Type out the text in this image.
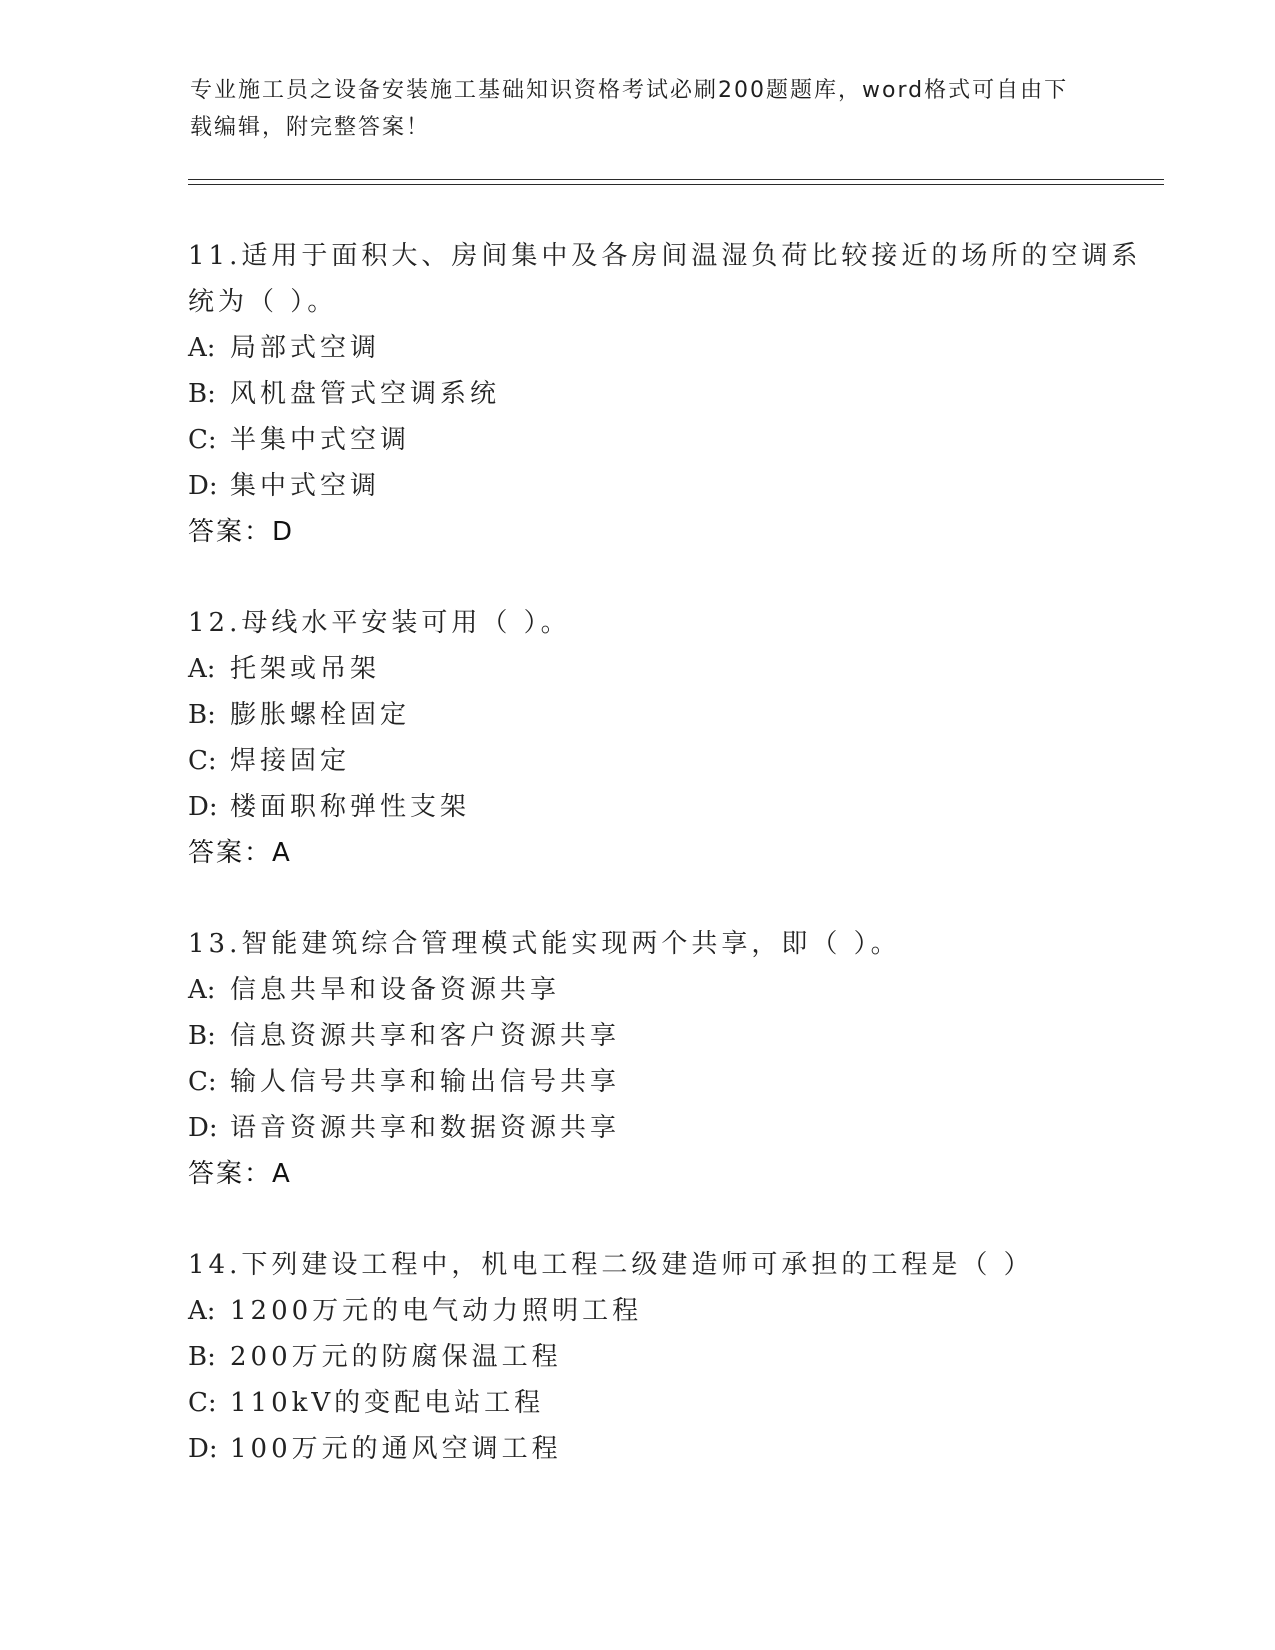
专业施工员之设备安装施工基础知识资格考试必刷200题题库，word格式可自由下载编辑，附完整答案！
11.适用于面积大、房间集中及各房间温湿负荷比较接近的场所的空调系统为（ ）。
A: 局部式空调
B: 风机盘管式空调系统
C: 半集中式空调
D: 集中式空调
答案：D
12.母线水平安装可用（ ）。
A: 托架或吊架
B: 膨胀螺栓固定
C: 焊接固定
D: 楼面职称弹性支架
答案：A
13.智能建筑综合管理模式能实现两个共享，即（ ）。
A: 信息共旱和设备资源共享
B: 信息资源共享和客户资源共享
C: 输人信号共享和输出信号共享
D: 语音资源共享和数据资源共享
答案：A
14.下列建设工程中，机电工程二级建造师可承担的工程是（ ）
A: 1200万元的电气动力照明工程
B: 200万元的防腐保温工程
C: 110kV的变配电站工程
D: 100万元的通风空调工程
